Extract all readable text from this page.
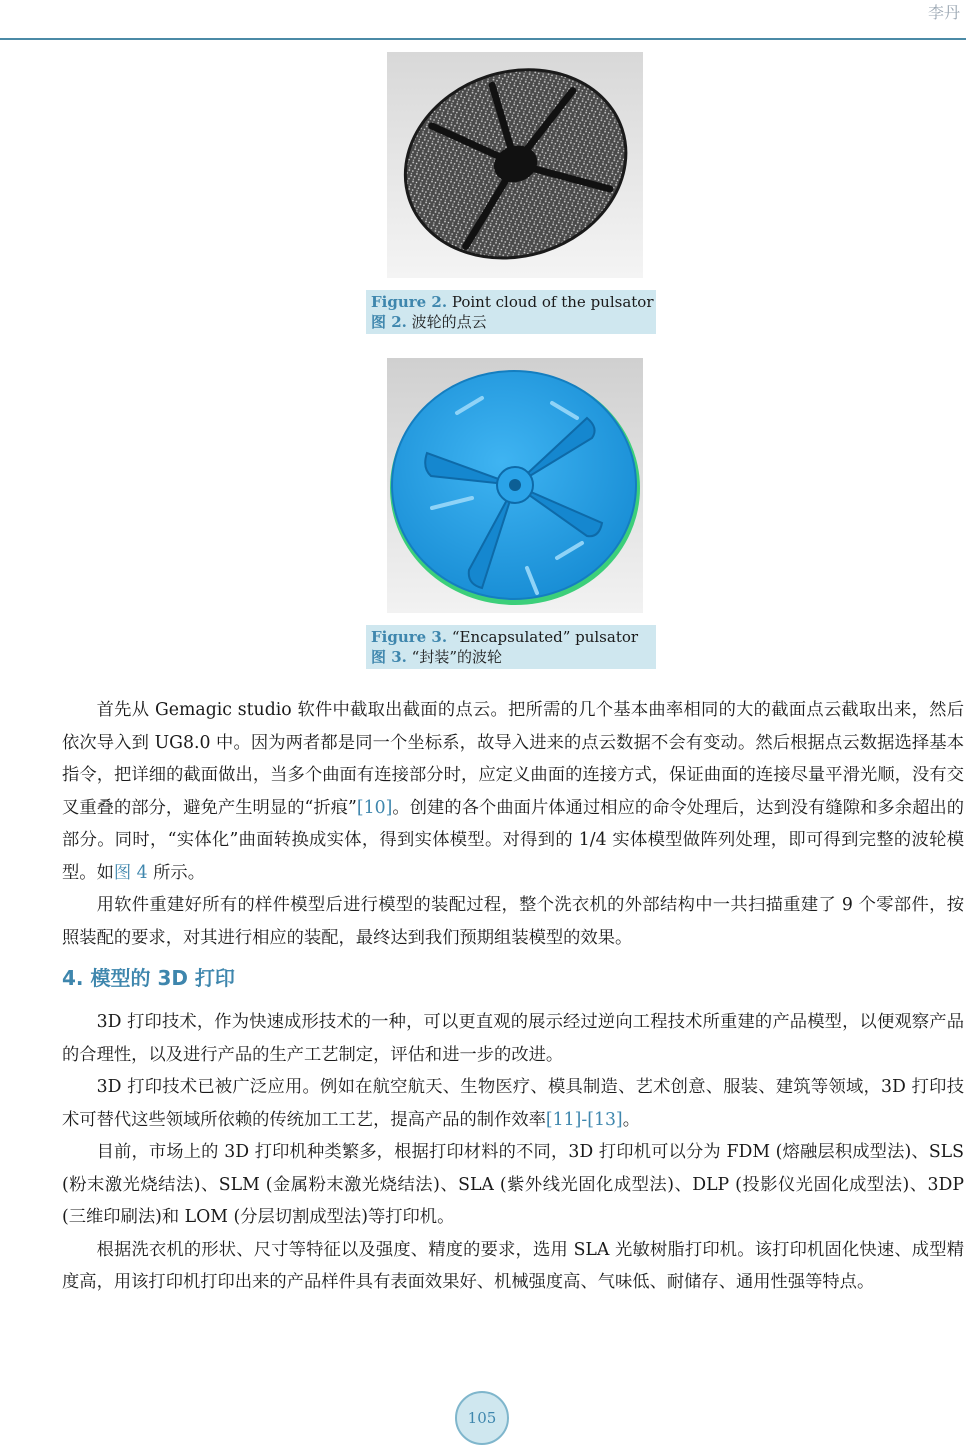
李丹
Figure 2. Point cloud of the pulsator
图 2. 波轮的点云
Figure 3. “Encapsulated” pulsator
图 3. “封装”的波轮

首先从 Gemagic studio 软件中截取出截面的点云。把所需的几个基本曲率相同的大的截面点云截取出来，然后依次导入到 UG8.0 中。因为两者都是同一个坐标系，故导入进来的点云数据不会有变动。然后根据点云数据选择基本指令，把详细的截面做出，当多个曲面有连接部分时，应定义曲面的连接方式，保证曲面的连接尽量平滑光顺，没有交叉重叠的部分，避免产生明显的“折痕”[10]。创建的各个曲面片体通过相应的命令处理后，达到没有缝隙和多余超出的部分。同时，“实体化”曲面转换成实体，得到实体模型。对得到的 1/4 实体模型做阵列处理，即可得到完整的波轮模型。如图 4 所示。

用软件重建好所有的样件模型后进行模型的装配过程，整个洗衣机的外部结构中一共扫描重建了 9 个零部件，按照装配的要求，对其进行相应的装配，最终达到我们预期组装模型的效果。

4. 模型的 3D 打印

3D 打印技术，作为快速成形技术的一种，可以更直观的展示经过逆向工程技术所重建的产品模型，以便观察产品的合理性，以及进行产品的生产工艺制定，评估和进一步的改进。

3D 打印技术已被广泛应用。例如在航空航天、生物医疗、模具制造、艺术创意、服装、建筑等领域，3D 打印技术可替代这些领域所依赖的传统加工工艺，提高产品的制作效率[11]-[13]。

目前，市场上的 3D 打印机种类繁多，根据打印材料的不同，3D 打印机可以分为 FDM (熔融层积成型法)、SLS (粉末激光烧结法)、SLM (金属粉末激光烧结法)、SLA (紫外线光固化成型法)、DLP (投影仪光固化成型法)、3DP (三维印刷法)和 LOM (分层切割成型法)等打印机。

根据洗衣机的形状、尺寸等特征以及强度、精度的要求，选用 SLA 光敏树脂打印机。该打印机固化快速、成型精度高，用该打印机打印出来的产品样件具有表面效果好、机械强度高、气味低、耐储存、通用性强等特点。

105
